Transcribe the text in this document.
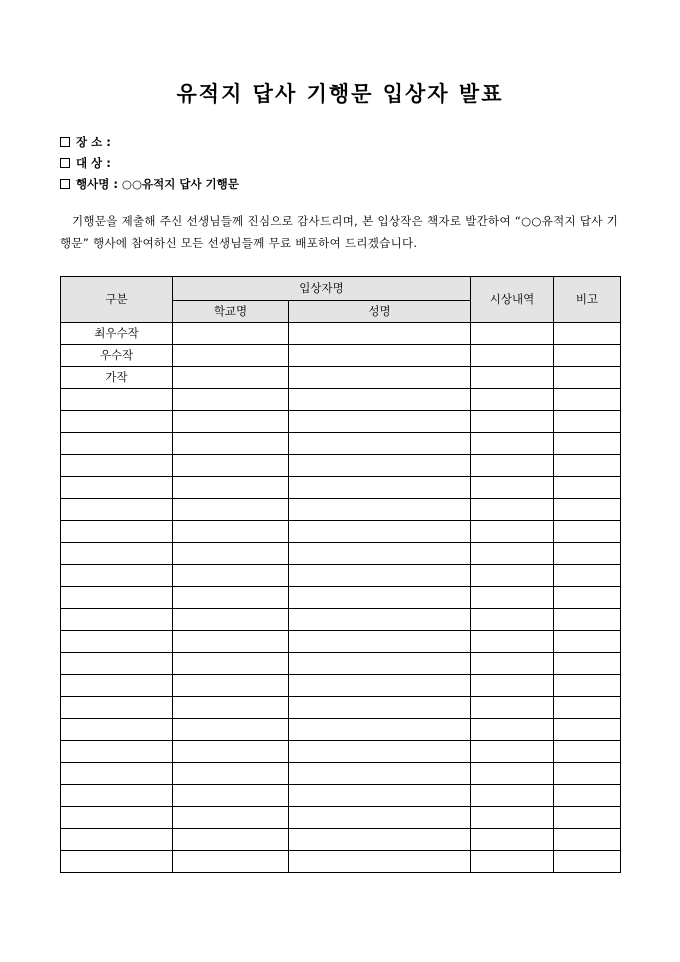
유적지 답사 기행문 입상자 발표
장 소 :
대 상 :
행사명 : ○○유적지 답사 기행문
기행문을 제출해 주신 선생님들께 진심으로 감사드리며, 본 입상작은 책자로 발간하여 “○○유적지 답사 기행문” 행사에 참여하신 모든 선생님들께 무료 배포하여 드리겠습니다.
구분	입상자명		시상내역	비고
	학교명	성명		
최우수작				
우수작				
가작				
